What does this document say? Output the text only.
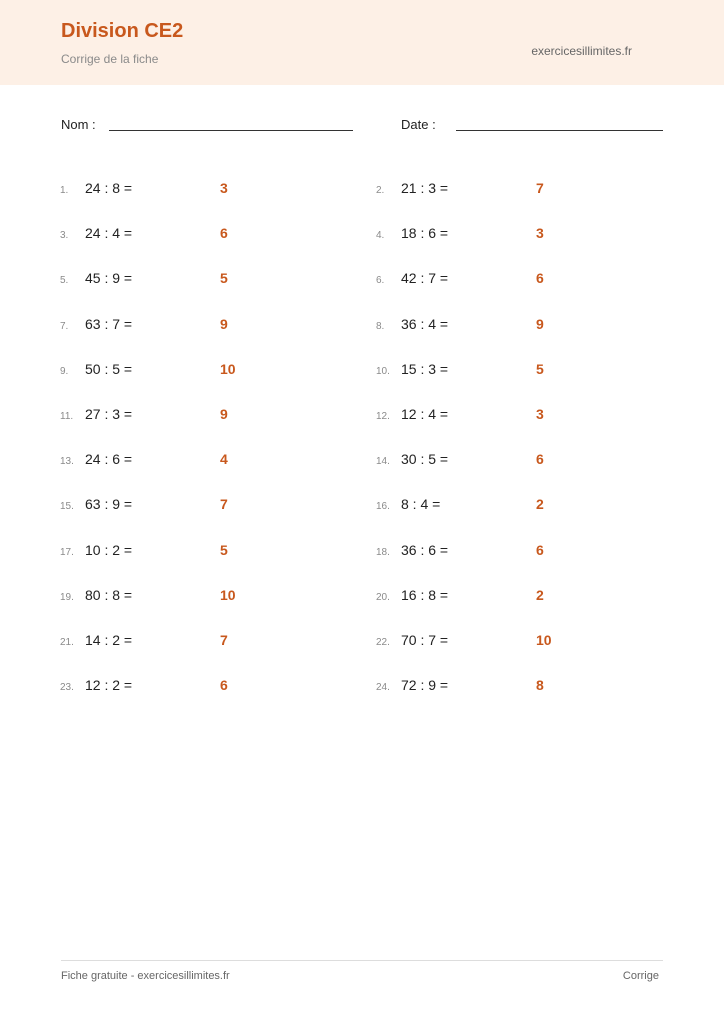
Division CE2
Corrige de la fiche
exercicesillimites.fr
Nom :	Date :
1. 24 : 8 =	3	2. 21 : 3 =	7
3. 24 : 4 =	6	4. 18 : 6 =	3
5. 45 : 9 =	5	6. 42 : 7 =	6
7. 63 : 7 =	9	8. 36 : 4 =	9
9. 50 : 5 =	10	10. 15 : 3 =	5
11. 27 : 3 =	9	12. 12 : 4 =	3
13. 24 : 6 =	4	14. 30 : 5 =	6
15. 63 : 9 =	7	16. 8 : 4 =	2
17. 10 : 2 =	5	18. 36 : 6 =	6
19. 80 : 8 =	10	20. 16 : 8 =	2
21. 14 : 2 =	7	22. 70 : 7 =	10
23. 12 : 2 =	6	24. 72 : 9 =	8
Fiche gratuite - exercicesillimites.fr	Corrige
